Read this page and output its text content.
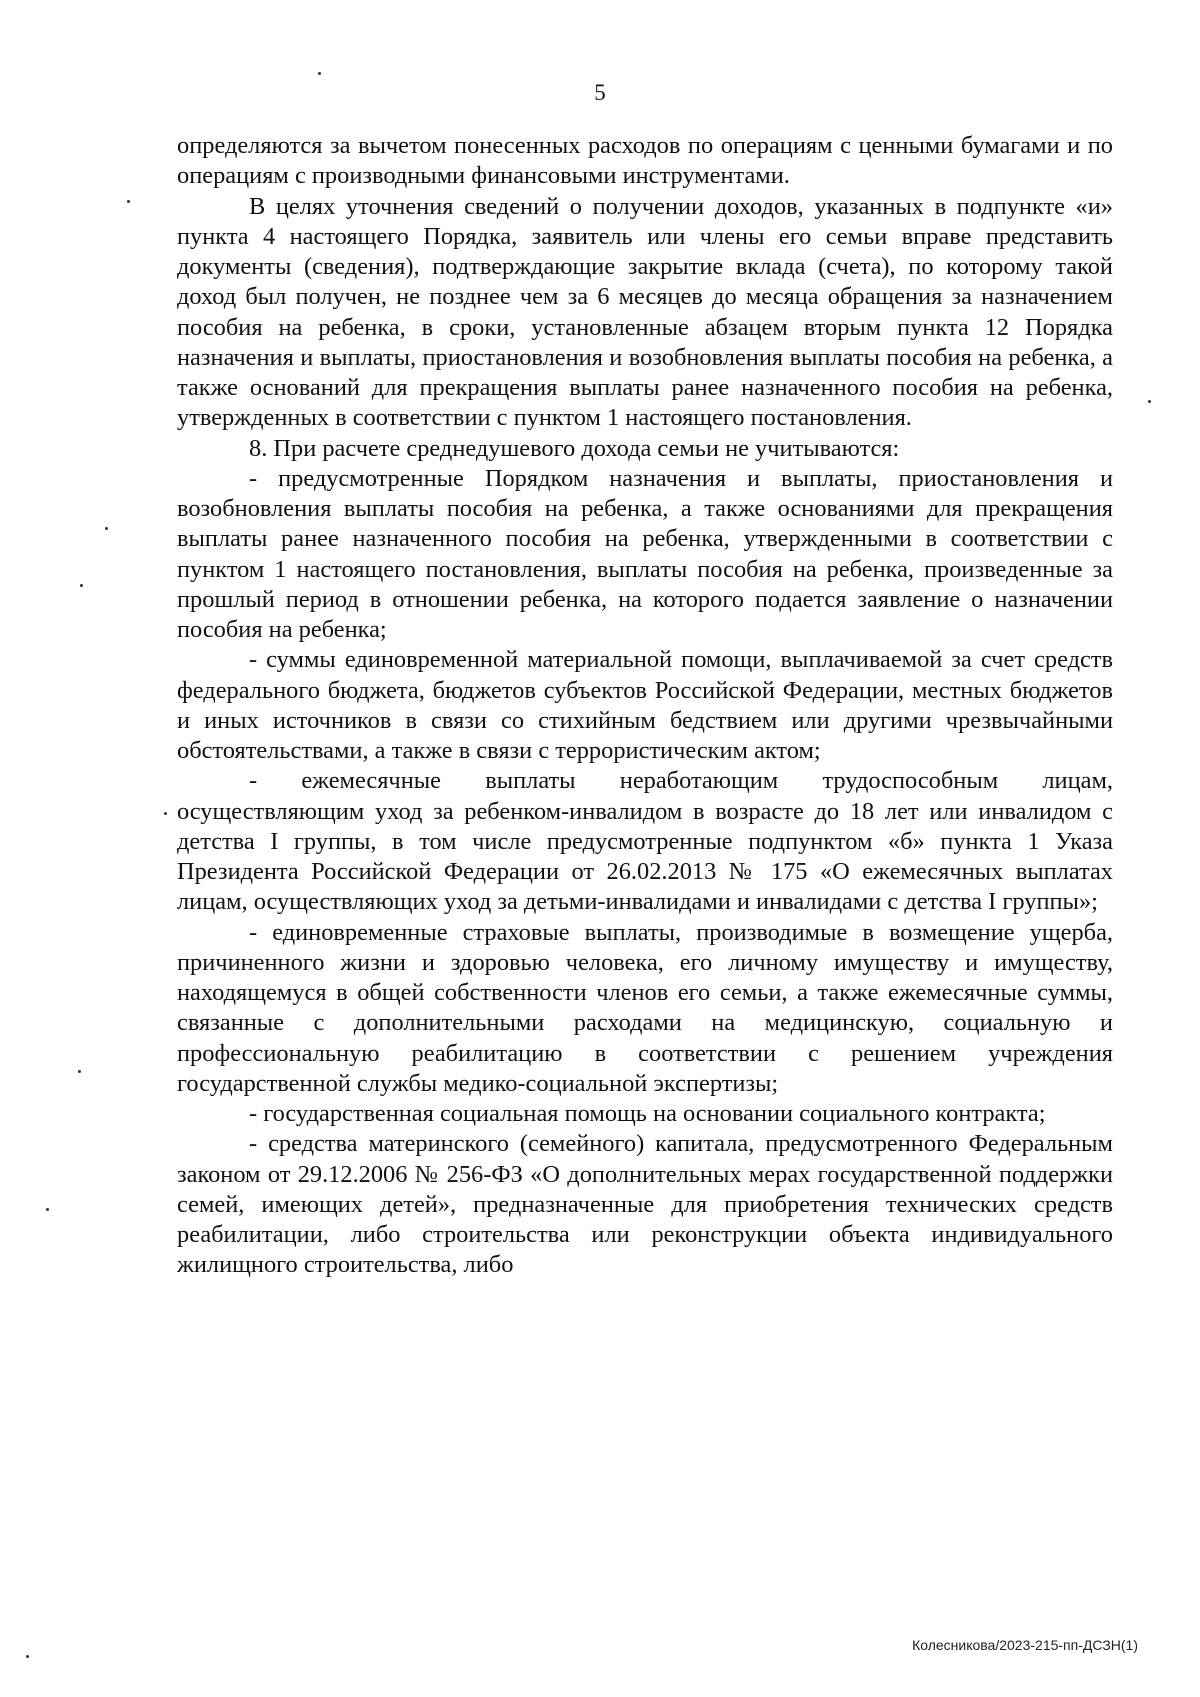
5

определяются за вычетом понесенных расходов по операциям с ценными бумагами и по операциям с производными финансовыми инструментами.

В целях уточнения сведений о получении доходов, указанных в подпункте «и» пункта 4 настоящего Порядка, заявитель или члены его семьи вправе представить документы (сведения), подтверждающие закрытие вклада (счета), по которому такой доход был получен, не позднее чем за 6 месяцев до месяца обращения за назначением пособия на ребенка, в сроки, установленные абзацем вторым пункта 12 Порядка назначения и выплаты, приостановления и возобновления выплаты пособия на ребенка, а также оснований для прекращения выплаты ранее назначенного пособия на ребенка, утвержденных в соответствии с пунктом 1 настоящего постановления.

8. При расчете среднедушевого дохода семьи не учитываются:

- предусмотренные Порядком назначения и выплаты, приостановления и возобновления выплаты пособия на ребенка, а также основаниями для прекращения выплаты ранее назначенного пособия на ребенка, утвержденными в соответствии с пунктом 1 настоящего постановления, выплаты пособия на ребенка, произведенные за прошлый период в отношении ребенка, на которого подается заявление о назначении пособия на ребенка;

- суммы единовременной материальной помощи, выплачиваемой за счет средств федерального бюджета, бюджетов субъектов Российской Федерации, местных бюджетов и иных источников в связи со стихийным бедствием или другими чрезвычайными обстоятельствами, а также в связи с террористическим актом;

- ежемесячные выплаты неработающим трудоспособным лицам, осуществляющим уход за ребенком-инвалидом в возрасте до 18 лет или инвалидом с детства I группы, в том числе предусмотренные подпунктом «б» пункта 1 Указа Президента Российской Федерации от 26.02.2013 № 175 «О ежемесячных выплатах лицам, осуществляющих уход за детьми-инвалидами и инвалидами с детства I группы»;

- единовременные страховые выплаты, производимые в возмещение ущерба, причиненного жизни и здоровью человека, его личному имуществу и имуществу, находящемуся в общей собственности членов его семьи, а также ежемесячные суммы, связанные с дополнительными расходами на медицинскую, социальную и профессиональную реабилитацию в соответствии с решением учреждения государственной службы медико-социальной экспертизы;

- государственная социальная помощь на основании социального контракта;

- средства материнского (семейного) капитала, предусмотренного Федеральным законом от 29.12.2006 № 256-ФЗ «О дополнительных мерах государственной поддержки семей, имеющих детей», предназначенные для приобретения технических средств реабилитации, либо строительства или реконструкции объекта индивидуального жилищного строительства, либо

Колесникова/2023-215-пп-ДСЗН(1)
